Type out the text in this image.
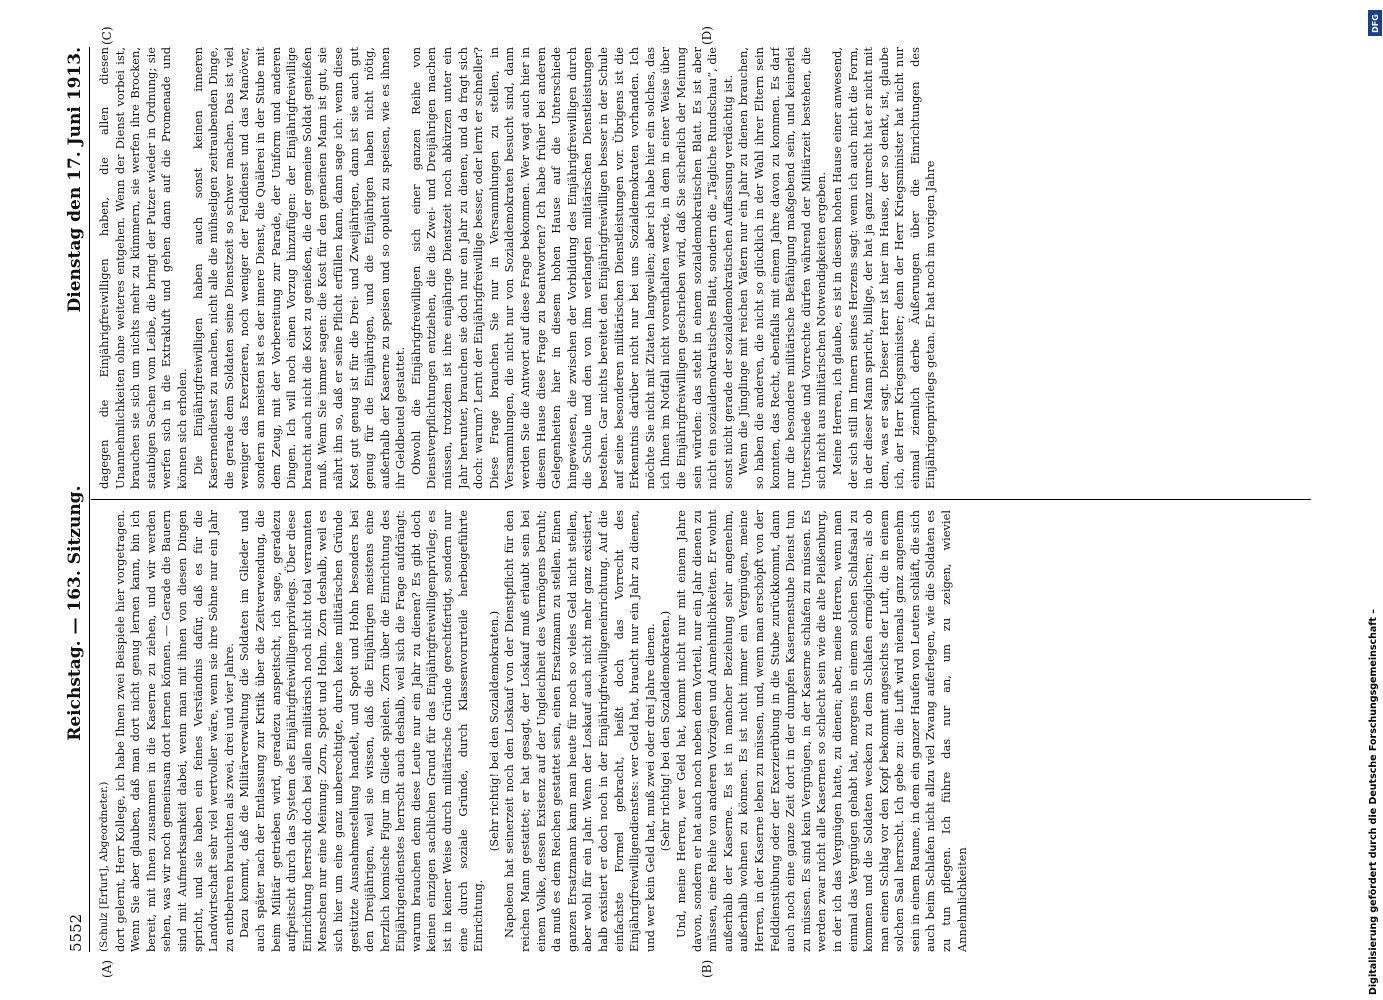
5552
Reichstag. — 163. Sitzung.
Dienstag den 17. Juni 1913.

(Schulz [Erfurt], Abgeordneter.) dort gelernt, Herr Kollege, ich habe Ihnen zwei Beispiele hier vorgetragen. Wenn Sie aber glauben, daß man dort nicht genug lernen kann, bin ich bereit, mit Ihnen zusammen in die Kaserne zu ziehen, und wir werden sehen, was wir noch gemeinsam dort lernen können. — Gerade die Bauern sind mit Aufmerksamkeit dabei, wenn man mit ihnen von diesen Dingen spricht, und sie haben ein feines Verständnis dafür, daß es für die Landwirtschaft sehr viel wertvoller wäre, wenn sie ihre Söhne nur ein Jahr zu entbehren brauchten als zwei, drei und vier Jahre. Dazu kommt, daß die Militärverwaltung die Soldaten im Glieder und auch später nach der Entlassung zur Kritik über die Zeitverwendung, die beim Militär getrieben wird, geradezu anspeitscht, ich sage, geradezu aufpeitscht durch das System des Einjährigfreiwilligenprivilegs. Über diese Einrichtung herrscht doch bei allen militärisch noch nicht total verrannten Menschen nur eine Meinung: Zorn, Spott und Hohn. Zorn deshalb, weil es sich hier um eine ganz unberechtigte, durch keine militärischen Gründe gestützte Ausnahmestellung handelt, und Spott und Hohn besonders bei den Dreijährigen, weil sie wissen, daß die Einjährigen meistens eine herzlich komische Figur im Gliede spielen. Zorn über die Einrichtung des Einjährigendienstes herrscht auch deshalb, weil sich die Frage aufdrängt: warum brauchen denn diese Leute nur ein Jahr zu dienen? Es gibt doch keinen einzigen sachlichen Grund für das Einjährigfreiwilligenprivileg; es ist in keiner Weise durch militärische Gründe gerechtfertigt, sondern nur eine durch soziale Gründe, durch Klassenvorurteile herbeigeführte Einrichtung.

(Sehr richtig! bei den Sozialdemokraten.) Napoleon hat seinerzeit noch den Loskauf von der Dienstpflicht für den reichen Mann gestattet; er hat gesagt, der Loskauf muß erlaubt sein bei einem Volke, dessen Existenz auf der Ungleichheit des Vermögens beruht; da muß es dem Reichen gestattet sein, einen Ersatzmann zu stellen. Einen ganzen Ersatzmann kann man heute für noch so vieles Geld nicht stellen, aber wohl für ein Jahr. Wenn der Loskauf auch nicht mehr ganz existiert, halb existiert er doch noch in der Einjährigfreiwilligeneinrichtung. Auf die einfachste Formel gebracht, heißt doch das Vorrecht des Einjährigfreiwilligendienstes: wer Geld hat, braucht nur ein Jahr zu dienen, und wer kein Geld hat, muß zwei oder drei Jahre dienen. (Sehr richtig! bei den Sozialdemokraten.) Und, meine Herren, wer Geld hat, kommt nicht nur mit einem Jahre davon, sondern er hat auch noch neben dem Vorteil, nur ein Jahr dienen zu müssen, eine Reihe von anderen Vorzügen und Annehmlichkeiten. Er wohnt außerhalb der Kaserne. Es ist in mancher Beziehung sehr angenehm, außerhalb wohnen zu können. Es ist nicht immer ein Vergnügen, meine Herren, in der Kaserne leben zu müssen, und, wenn man erschöpft von der Felddienstübung oder der Exerzierübung in die Stube zurückkommt, dann auch noch eine ganze Zeit dort in der dumpfen Kasernenstube Dienst tun zu müssen. Es sind kein Vergnügen, in der Kaserne schlafen zu müssen. Es werden zwar nicht alle Kasernen so schlecht sein wie die alte Pleißenburg, in der ich das Vergnügen hatte, zu dienen; aber, meine Herren, wenn man einmal das Vergnügen gehabt hat, morgens in einem solchen Schlafsaal zu kommen und die Soldaten wecken zu dem Schlafen ermöglichen; als ob man einen Schlag vor den Kopf bekommt angesichts der Luft, die in einem solchen Saal herrscht. Ich gebe zu: die Luft wird niemals ganz angenehm sein in einem Raume, in dem ein ganzer Haufen von Leuten schläft, die sich auch beim Schlafen nicht allzu viel Zwang auferlegen, wie die Soldaten es zu tun pflegen. Ich führe das nur an, um zu zeigen, wieviel Annehmlichkeiten

dagegen die Einjährigfreiwilligen haben, die allen diesen Unannehmlichkeiten ohne weiteres entgehen. Wenn der Dienst vorbei ist, brauchen sie sich um nichts mehr zu kümmern, sie werfen ihre Brocken, staubigen Sachen vom Leibe, die bringt der Putzer wieder in Ordnung; sie werfen sich in die Extrakluft und gehen dann auf die Promenade und können sich erholen. Die Einjährigfreiwilligen haben auch sonst keinen inneren Kasernendienst zu machen, nicht alle die mühseligen zeitraubenden Dinge, die gerade dem Soldaten seine Dienstzeit so schwer machen. Das ist viel weniger das Exerzieren, noch weniger der Felddienst und das Manöver, sondern am meisten ist es der innere Dienst, die Quälerei in der Stube mit dem Zeug, mit der Vorbereitung zur Parade, der Uniform und anderen Dingen. Ich will noch einen Vorzug hinzufügen: der Einjährigfreiwillige braucht auch nicht die Kost zu genießen, die der gemeine Soldat genießen muß. Wenn Sie immer sagen: die Kost für den gemeinen Mann ist gut, sie nährt ihn so, daß er seine Pflicht erfüllen kann, dann sage ich: wenn diese Kost gut genug ist für die Drei- und Zweijährigen, dann ist sie auch gut genug für die Einjährigen, und die Einjährigen haben nicht nötig, außerhalb der Kaserne zu speisen und so opulent zu speisen, wie es ihnen ihr Geldbeutel gestattet. Obwohl die Einjährigfreiwilligen sich einer ganzen Reihe von Dienstverpflichtungen entziehen, die die Zwei- und Dreijährigen machen müssen, trotzdem ist ihre einjährige Dienstzeit noch abkürzen unter ein Jahr herunter, brauchen sie doch nur ein Jahr zu dienen, und da fragt sich doch: warum? Lernt der Einjährigfreiwillige besser, oder lernt er schneller? Diese Frage brauchen Sie nur in Versammlungen zu stellen, in Versammlungen, die nicht nur von Sozialdemokraten besucht sind, dann werden Sie die Antwort auf diese Frage bekommen. Wer wagt auch hier in diesem Hause diese Frage zu beantworten? Ich habe früher bei anderen Gelegenheiten hier in diesem hohen Hause auf die Unterschiede hingewiesen, die zwischen der Vorbildung des Einjährigfreiwilligen durch die Schule und den von ihm verlangten militärischen Dienstleistungen bestehen. Gar nichts bereitet den Einjährigfreiwilligen besser in der Schule auf seine besonderen militärischen Dienstleistungen vor. Übrigens ist die Erkenntnis darüber nicht nur bei uns Sozialdemokraten vorhanden. Ich möchte Sie nicht mit Zitaten langweilen; aber ich habe hier ein solches, das ich Ihnen im Notfall nicht vorenthalten werde, in dem in einer Weise über die Einjährigfreiwilligen geschrieben wird, daß Sie sicherlich der Meinung sein würden: das steht in einem sozialdemokratischen Blatt. Es ist aber nicht ein sozialdemokratisches Blatt, sondern die „Tägliche Rundschau“, die sonst nicht gerade der sozialdemokratischen Auffassung verdächtig ist. Wenn die Jünglinge mit reichen Vätern nur ein Jahr zu dienen brauchen, so haben die anderen, die nicht so glücklich in der Wahl ihrer Eltern sein konnten, das Recht, ebenfalls mit einem Jahre davon zu kommen. Es darf nur die besondere militärische Befähigung maßgebend sein, und keinerlei Unterschiede und Vorrechte dürfen während der Militärzeit bestehen, die sich nicht aus militärischen Notwendigkeiten ergeben. Meine Herren, ich glaube, es ist in diesem hohen Hause einer anwesend, der sich still im Innern seines Herzens sagt: wenn ich auch nicht die Form, in der dieser Mann spricht, billige, der hat ja ganz unrecht hat er nicht mit dem, was er sagt. Dieser Herr ist hier im Hause, der so denkt, ist, glaube ich, der Herr Kriegsminister; denn der Herr Kriegsminister hat nicht nur einmal ziemlich derbe Äußerungen über die Einrichtungen des Einjährigenprivilegs getan. Er hat noch im vorigen Jahre

(A)	(B)
(C)	(D)
Digitalisierung gefördert durch die Deutsche Forschungsgemeinschaft –
DFG
